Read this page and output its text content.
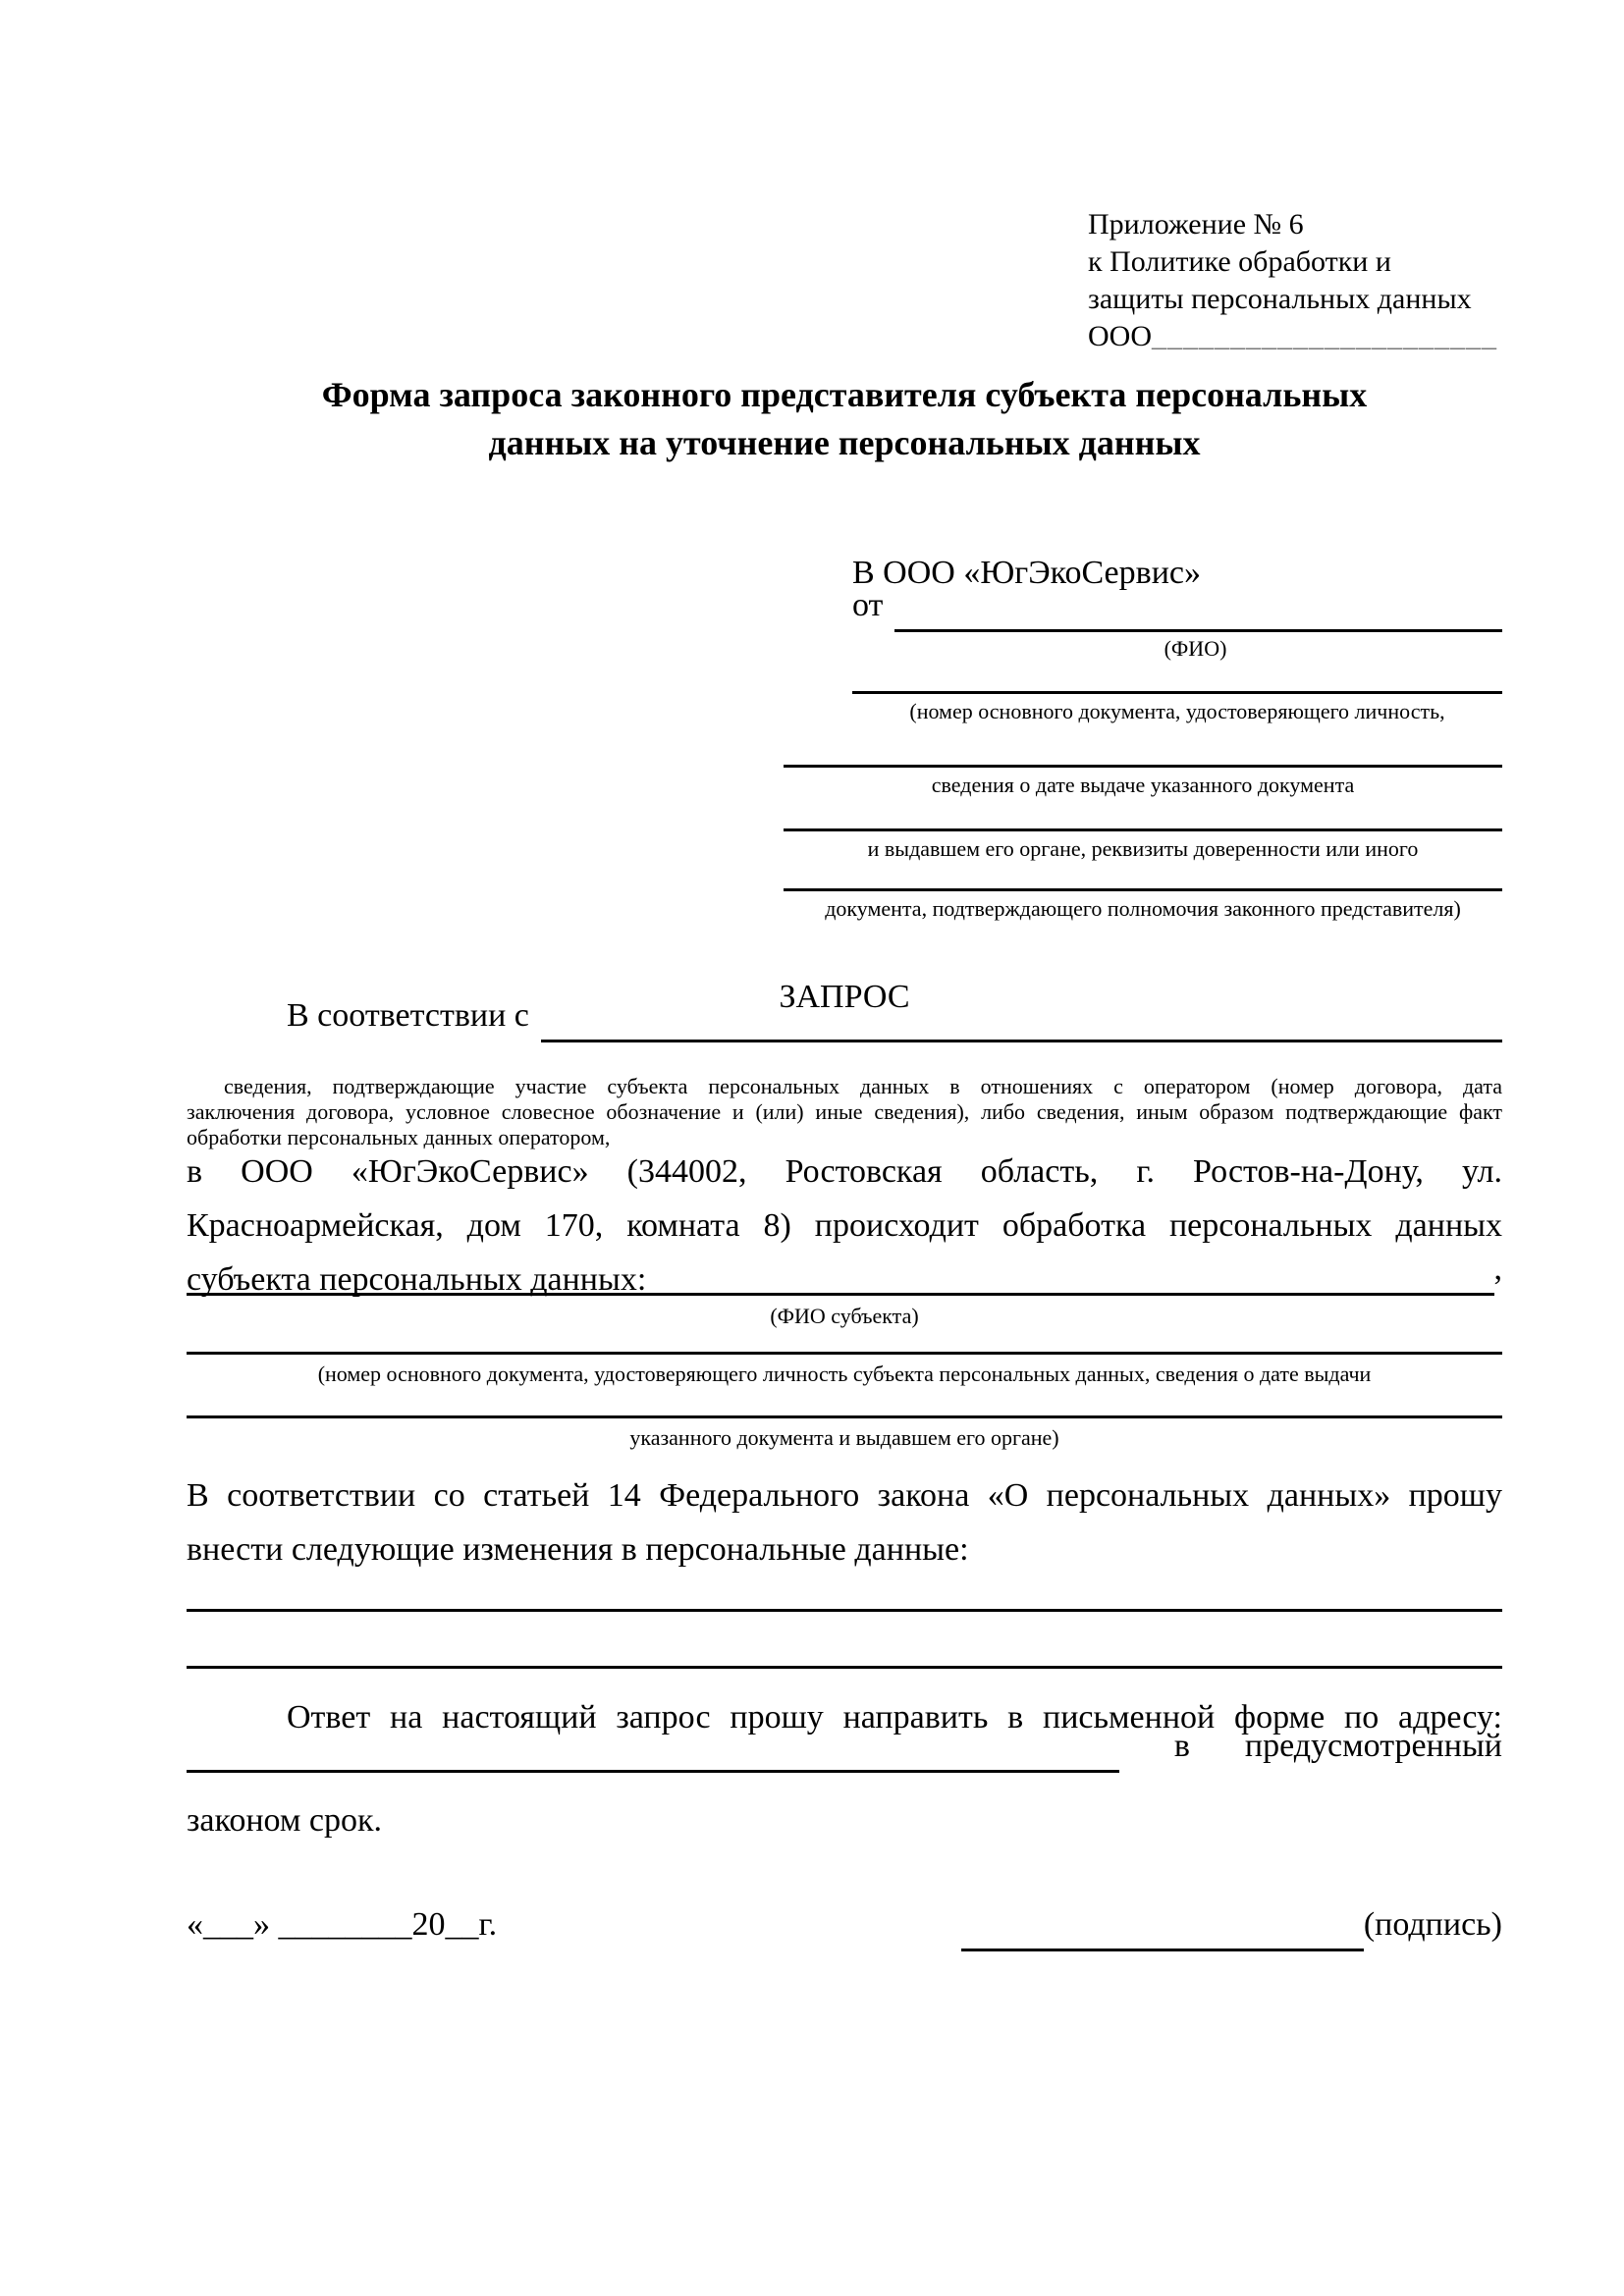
Приложение № 6
к Политике обработки и
защиты персональных данных
ООО______________________
Форма запроса законного представителя субъекта персональных
данных на уточнение персональных данных
В ООО «ЮгЭкоСервис»
от
(ФИО)
(номер основного документа, удостоверяющего личность,
сведения о дате выдаче указанного документа
и выдавшем его органе, реквизиты доверенности или иного
документа, подтверждающего полномочия законного представителя)
ЗАПРОС
В соответствии с
сведения, подтверждающие участие субъекта персональных данных в отношениях с оператором (номер договора, дата
заключения договора, условное словесное обозначение и (или) иные сведения), либо сведения, иным образом подтверждающие факт
обработки персональных данных оператором,
в ООО «ЮгЭкоСервис» (344002, Ростовская область, г. Ростов-на-Дону, ул.
Красноармейская, дом 170, комната 8) происходит обработка персональных данных
субъекта персональных данных:	,
(ФИО субъекта)
(номер основного документа, удостоверяющего личность субъекта персональных данных, сведения о дате выдачи
указанного документа и выдавшем его органе)
В соответствии со статьей 14 Федерального закона «О персональных данных» прошу
внести следующие изменения в персональные данные:
Ответ на настоящий запрос прошу направить в письменной форме по адресу:
в предусмотренный
законом срок.
«___» ________20__г.	(подпись)
